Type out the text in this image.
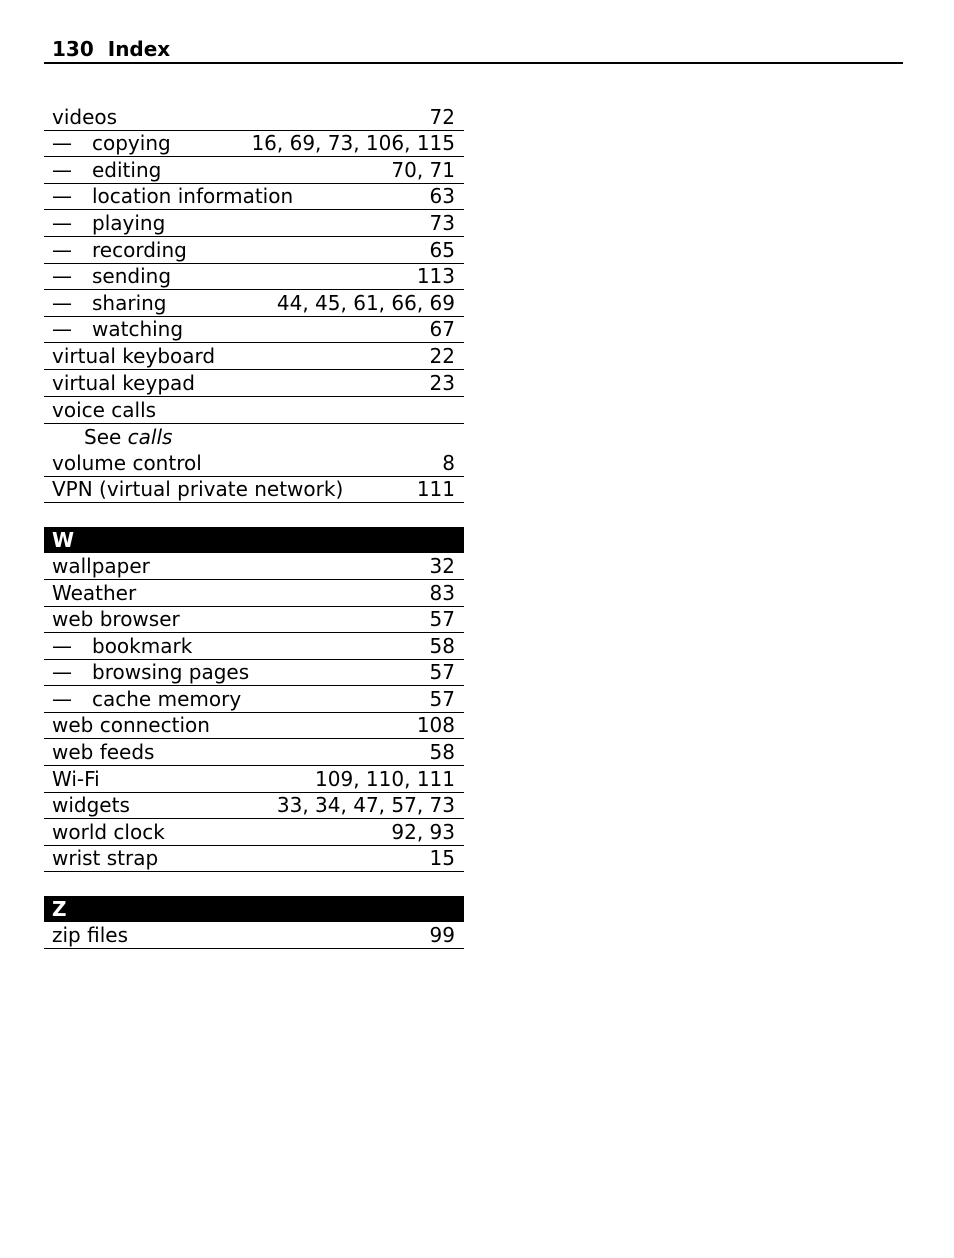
130 Index
videos	72
—	copying	16, 69, 73, 106, 115
—	editing	70, 71
—	location information	63
—	playing	73
—	recording	65
—	sending	113
—	sharing	44, 45, 61, 66, 69
—	watching	67
virtual keyboard	22
virtual keypad	23
voice calls
See calls
volume control	8
VPN (virtual private network)	111
W
wallpaper	32
Weather	83
web browser	57
—	bookmark	58
—	browsing pages	57
—	cache memory	57
web connection	108
web feeds	58
Wi-Fi	109, 110, 111
widgets	33, 34, 47, 57, 73
world clock	92, 93
wrist strap	15
Z
zip files	99
